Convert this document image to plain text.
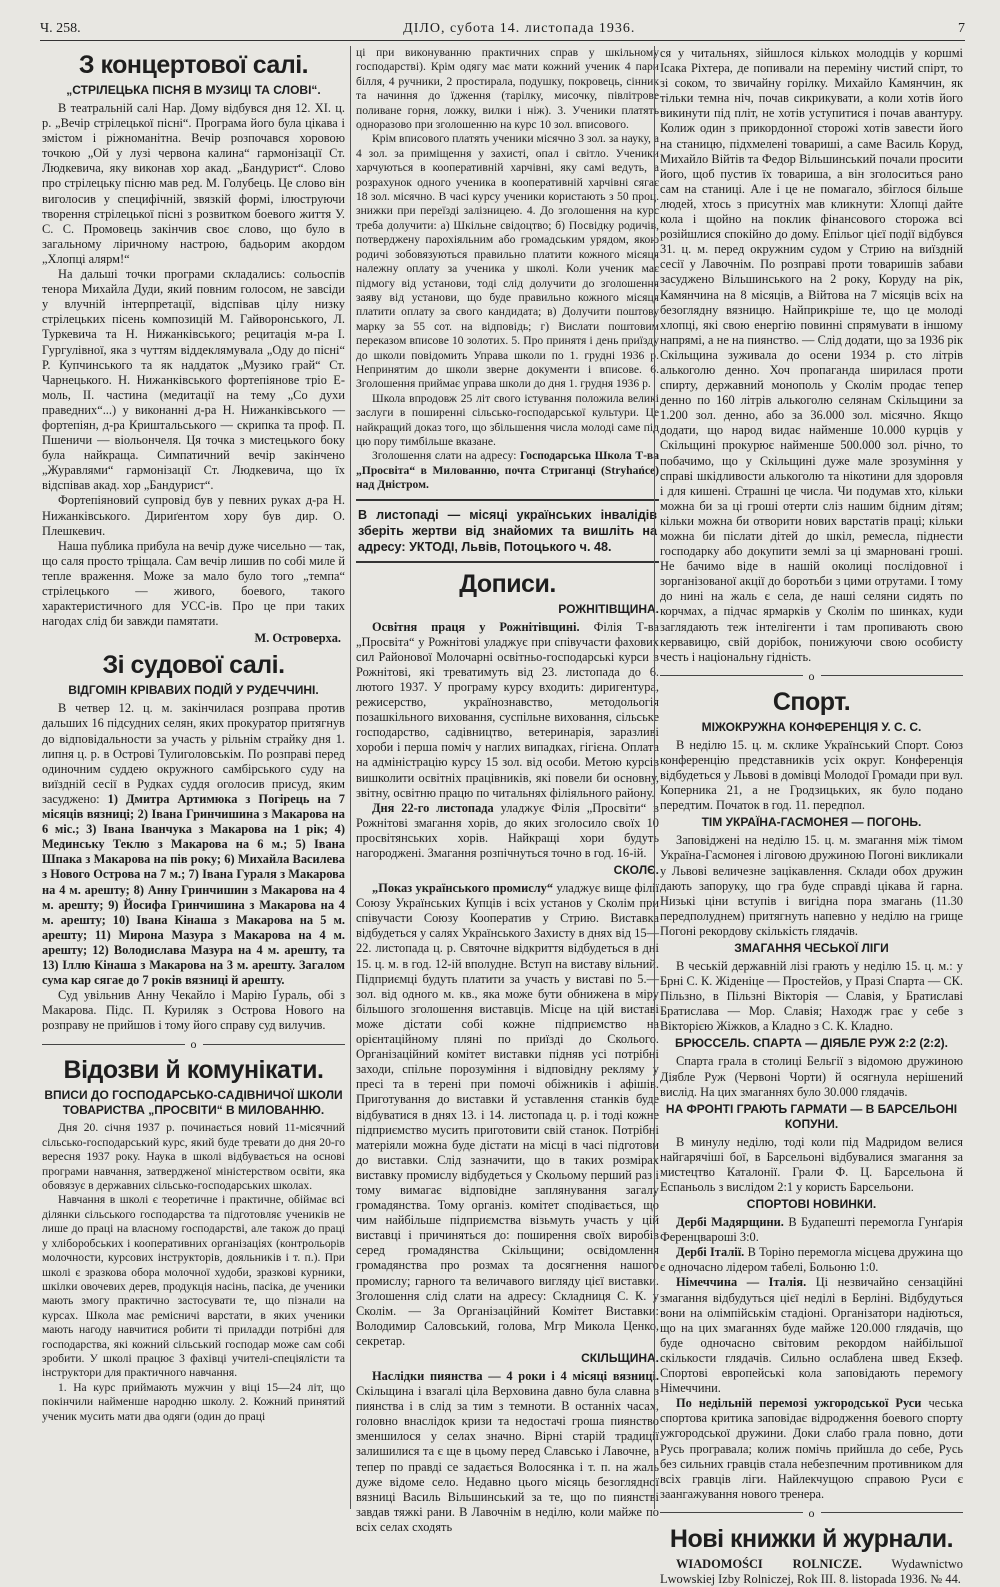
Ч. 258.	ДІЛО, субота 14. листопада 1936.	7
З концертової салі.
„СТРІЛЕЦЬКА ПІСНЯ В МУЗИЦІ ТА СЛОВІ“.
В театральній салі Нар. Дому відбувся дня 12. XI. ц. р. „Вечір стрілецької пісні“. Програма його була цікава і змістом і ріжноманітна. Вечір розпочався хоровою точкою „Ой у лузі червона калина“ гармонізації Ст. Людкевича, яку виконав хор акад. „Бандурист“. Слово про стрілецьку пісню мав ред. М. Голубець. Це слово він виголосив у специфічній, звязкій формі, ілюструючи творення стрілецької пісні з розвитком боевого життя У. С. С. Промовець закінчив своє слово, що було в загальному ліричному настрою, бадьорим акордом „Хлопці алярм!“
На дальші точки програми складались: сольоспів тенора Михайла Дуди, який повним голосом, не завсіди у влучній інтерпретації, відспівав цілу низку стрілецьких пісень композицій М. Гайворонського, Л. Туркевича та Н. Нижанківського; рецитація м-ра І. Гургулівної, яка з чуттям віддеклямувала „Оду до пісні“ Р. Купчинського та як наддаток „Музико грай“ Ст. Чарнецького. Н. Нижанківського фортепіянове тріо Е-моль, II. частина (медитації на тему „Со духи праведних“...) у виконанні д-ра Н. Нижанківського — фортепіян, д-ра Криштальського — скрипка та проф. П. Пшеничи — віольончеля. Ця точка з мистецького боку була найкраща. Симпатичний вечір закінчено „Журавлями“ гармонізації Ст. Людкевича, що їх відспівав акад. хор „Бандурист“.
Фортепіяновий супровід був у певних руках д-ра Н. Нижанківського. Дириґентом хору був дир. О. Плешкевич.
Наша публика прибула на вечір дуже чисельно — так, що саля просто тріщала. Сам вечір лишив по собі миле й тепле враження. Може за мало було того „темпа“ стрілецького — живого, боевого, такого характеристичного для УСС-ів. Про це при таких нагодах слід би завжди памятати.
М. Островерха.
Зі судової салі.
ВІДГОМІН КРІВАВИХ ПОДІЙ У РУДЕЧЧИНІ.
В четвер 12. ц. м. закінчилася розправа против дальших 16 підсудних селян, яких прокуратор притягнув до відповідальности за участь у рільнім страйку дня 1. липня ц. р. в Острові Тулиголовськім. По розправі перед одиночним суддею окружного самбірського суду на виїздній сесії в Рудках суддя оголосив присуд, яким засуджено: 1) Дмитра Артимюка з Погірець на 7 місяців вязниці; 2) Івана Гринчишина з Макарова на 6 міс.; 3) Івана Іванчука з Макарова на 1 рік; 4) Мединську Теклю з Макарова на 6 м.; 5) Івана Шпака з Макарова на пів року; 6) Михайла Василева з Нового Острова на 7 м.; 7) Івана Гураля з Макарова на 4 м. арешту; 8) Анну Гринчишин з Макарова на 4 м. арешту; 9) Йосифа Гринчишина з Макарова на 4 м. арешту; 10) Івана Кінаша з Макарова на 5 м. арешту; 11) Мирона Мазура з Макарова на 4 м. арешту; 12) Володислава Мазура на 4 м. арешту, та 13) Іллю Кінаша з Макарова на 3 м. арешту. Загалом сума кар сягае до 7 років вязниці й арешту.
Суд увільнив Анну Чекайло і Марію Ґураль, обі з Макарова. Підс. П. Куриляк з Острова Нового на розправу не прийшов і тому його справу суд вилучив.
о
Відозви й комунікати.
ВПИСИ ДО ГОСПОДАРСЬКО-САДІВНИЧОЇ ШКОЛИ ТОВАРИСТВА „ПРОСВІТИ“ В МИЛОВАННЮ.
Дня 20. січня 1937 р. починається новий 11-місячний сільсько-господарський курс, який буде тревати до дня 20-го вересня 1937 року. Наука в школі відбувається на основі програми навчання, затвердженої міністерством освіти, яка обовязує в державних сільсько-господарських школах.
Навчання в школі є теоретичне і практичне, обіймає всі ділянки сільського господарства та підготовляє учеників не лише до праці на власному господарстві, але також до праці у хліборобських і кооперативних організаціях (контрольорів молочности, курсових інструкторів, дояльників і т. п.). При школі є зразкова обора молочної худоби, зразкові курники, шкілки овочевих дерев, продукція насінь, пасіка, де ученики мають змогу практично застосувати те, що пізнали на курсах. Школа має ремісничі варстати, в яких ученики мають нагоду навчитися робити ті приладди потрібні для господарства, які кожний сільський господар може сам собі зробити. У школі працює 3 фахівці учителі-спеціялісти та інструктори для практичного навчання.
1. На курс приймають мужчин у віці 15—24 літ, що покінчили найменше народню школу. 2. Кожний принятий ученик мусить мати два одяги (один до праці
ці при виконуванню практичних справ у шкільному господарстві). Крім одягу має мати кожний ученик 4 пари білля, 4 ручники, 2 простирала, подушку, покровець, сінник та начиння до їдження (тарілку, мисочку, півлітрове поливане горня, ложку, вилки і ніж). 3. Ученики платять одноразово при зголошенню на курс 10 зол. вписового.
Крім вписового платять ученики місячно 3 зол. за науку, а 4 зол. за приміщення у захисті, опал і світло. Ученики харчуються в кооперативній харчівні, яку самі ведуть, а розрахунок одного ученика в кооперативній харчівні сягає 18 зол. місячно. В часі курсу ученики користають з 50 проц. знижки при переїзді залізницею. 4. До зголошення на курс треба долучити: а) Шкільне свідоцтво; б) Посвідку родичів, потверджену парохіяльним або громадським урядом, якою родичі зобовязуються правильно платити кожного місяця належну оплату за ученика у школі. Коли ученик має підмогу від установи, тоді слід долучити до зголошення заяву від установи, що буде правильно кожного місяця платити оплату за свого кандидата; в) Долучити поштову марку за 55 сот. на відповідь; г) Вислати поштовим переказом вписове 10 золотих. 5. Про принятя і день приїзду до школи повідомить Управа школи по 1. грудні 1936 р. Непринятим до школи зверне документи і вписове. 6. Зголошення приймає управа школи до дня 1. грудня 1936 р.
Школа впродовж 25 літ свого істування положила великі заслуги в поширенні сільсько-господарської культури. Це найкращий доказ того, що збільшення числа молоді саме під цю пору тимбільше вказане.
Зголошення слати на адресу: Господарська Школа Т-ва „Просвіта“ в Милованню, почта Стриганці (Stryhańce) над Дністром.
В листопаді — місяці українських інвалідів зберіть жертви від знайомих та вишліть на адресу: УКТОДІ, Львів, Потоцького ч. 48.
Дописи.
РОЖНІТІВЩИНА.
Освітня праця у Рожнітівщині. Філія Т-ва „Просвіта“ у Рожнітові уладжує при співучасти фахових сил Районової Молочарні освітньо-господарські курси в Рожнітові, які треватимуть від 23. листопада до 6. лютого 1937. У програму курсу входить: диригентура, режисерство, українознавство, методольогія позашкільного виховання, суспільне виховання, сільське господарство, садівництво, ветеринарія, заразливі хороби і перша поміч у наглих випадках, гігієна. Оплата на адміністрацію курсу 15 зол. від особи. Метою курсів вишколити освітніх працівників, які повели би основну, звітну, освітню працю по читальнях філіяльного району.
Дня 22-го листопада уладжує Філія „Просвіти“ в Рожнітові змагання хорів, до яких зголосило своїх 10 просвітянських хорів. Найкращі хори будуть нагороджені. Змагання розпічнуться точно в год. 16-ій.
СКОЛЄ.
„Показ українського промислу“ уладжує вище філії Союзу Українських Купців і всіх установ у Сколім при співучасти Союзу Кооператив у Стрию. Виставка відбудеться у салях Українського Захисту в днях від 15—22. листопада ц. р. Святочне відкриття відбудеться в дні 15. ц. м. в год. 12-ій вполудне. Вступ на виставу вільний. Підприємці будуть платити за участь у виставі по 5.— зол. від одного м. кв., яка може бути обнижена в міру більшого зголошення виставців. Місце на цій виставі може дістати собі кожне підприємство на орієнтаційному пляні по приїзді до Сколього. Організаційний комітет виставки підняв усі потрібні заходи, спільне порозуміння і відповідну рекляму у пресі та в терені при помочі обіжників і афішів. Приготування до виставки й уставлення станків буде відбуватися в днях 13. і 14. листопада ц. р. і тоді кожне підприємство мусить приготовити свій станок. Потрібні матеріяли можна буде дістати на місці в часі підготови до виставки. Слід зазначити, що в таких розмірах виставку промислу відбудеться у Скольому перший раз і тому вимагає відповідне заплянування загалу громадянства. Тому організ. комітет сподівається, що чим найбільше підприємства візьмуть участь у цій виставці і причиняться до: поширення своїх виробів серед громадянства Скільщини; освідомлення громадянства про розмах та досягнення нашого промислу; гарного та величавого вигляду цієї виставки. Зголошення слід слати на адресу: Складниця С. К. у Сколім. — За Організаційний Комітет Виставки: Володимир Саловський, голова, Мгр Микола Ценко, секретар.
СКІЛЬЩИНА.
Наслідки пиянства — 4 роки і 4 місяці вязниці. Скільщина і взагалі ціла Верховина давно була славна з пиянства і в слід за тим з темноти. В останніх часах, головно внаслідок кризи та недостачі гроша пиянство зменшилося у селах значно. Вірні старій традиції залишилися та є ще в цьому перед Славсько і Лавочне, а тепер по правді се задається Волосянка і т. п. на жаль дуже відоме село. Недавно цього місяць безоглядної вязниці Василь Вільшинський за те, що по пиянстві завдав тяжкі рани. В Лавочнім в неділю, коли майже по всіх селах сходять
ся у читальнях, зійшлося кількох молодців у коршмі Ісака Ріхтера, де попивали на переміну чистий спірт, то зі соком, то звичайну горілку. Михайло Камянчин, як тільки темна ніч, почав сикрикувати, а коли хотів його викинути під пліт, не хотів уступитися і почав авантуру. Колиж один з прикордонної сторожі хотів завести його на станицю, підхмелені товариші, а саме Василь Коруд, Михайло Війтів та Федор Вільшинський почали просити його, щоб пустив їх товариша, а він зголоситься рано сам на станиці. Але і це не помагало, збіглося більше людей, хтось з присутніх мав кликнути: Хлопці дайте кола і щойно на поклик фінансового сторожа всі розійшлися спокійно до дому. Епільог цієї події відбувся 31. ц. м. перед окружним судом у Стрию на виїздній сесії у Лавочнім. По розправі проти товаришів забави засуджено Вільшинського на 2 року, Коруду на рік, Камянчина на 8 місяців, а Війтова на 7 місяців всіх на безоглядну вязницю. Найприкріше те, що це молоді хлопці, які свою енергію повинні спрямувати в іншому напрямі, а не на пиянство. — Слід додати, що за 1936 рік Скільщина зуживала до осени 1934 р. сто літрів алькоголю денно. Хоч пропаганда ширилася проти спирту, державний монополь у Сколім продає тепер денно по 160 літрів алькоголю селянам Скільщини за 1.200 зол. денно, або за 36.000 зол. місячно. Якщо додати, що народ видає найменше 10.000 курців у Скільщині прокурює найменше 500.000 зол. річно, то побачимо, що у Скільщині дуже мале зрозуміння у справі шкідливости алькоголю та нікотини для здоровля і для кишені. Страшні це числа. Чи подумав хто, кільки можна би за ці гроші отерти сліз нашим бідним дітям; кільки можна би отворити нових варстатів праці; кільки можна би післати дітей до шкіл, ремесла, піднести господарку або докупити землі за ці змарновані гроші. Не бачимо віде в нашій околиці послідовної і зорганізованої акції до боротьби з цими отрутами. І тому до нині на жаль є села, де наші селяни сидять по корчмах, а підчас ярмарків у Сколім по шинках, куди заглядають теж інтелігенти і там пропивають свою кервавицю, свій дорібок, понижуючи свою особисту честь і національну гідність.
о
Спорт.
МІЖОКРУЖНА КОНФЕРЕНЦІЯ У. С. С.
В неділю 15. ц. м. склике Український Спорт. Союз конференцію представників усіх округ. Конференція відбудеться у Львові в домівці Молодої Громади при вул. Коперника 21, а не Гродзицьких, як було подано передтим. Початок в год. 11. передпол.
ТІМ УКРАЇНА-ГАСМОНЕЯ — ПОГОНЬ.
Заповіджені на неділю 15. ц. м. змагання між тімом Україна-Гасмонея і ліговою дружиною Погоні викликали у Львові величезне зацікавлення. Склади обох дружин дають запоруку, що гра буде справді цікава й гарна. Низькі ціни вступів і вигідна пора змагань (11.30 передполуднем) притягнуть напевно у неділю на грище Погоні рекордову скількість глядачів.
ЗМАГАННЯ ЧЕСЬКОЇ ЛІГИ
В чеській державній лізі грають у неділю 15. ц. м.: у Брні С. К. Жіденіце — Простейов, у Празі Спарта — СК. Пільзно, в Пільзні Вікторія — Славія, у Братиславі Братислава — Мор. Славія; Находж грає у себе з Вікторією Жіжков, а Кладно з С. К. Кладно.
БРЮССЕЛЬ. СПАРТА — ДІЯБЛЕ РУЖ 2:2 (2:2).
Спарта грала в столиці Бельгії з відомою дружиною Діябле Руж (Червоні Чорти) й осягнула нерішений вислід. На цих змаганнях було 30.000 глядачів.
НА ФРОНТІ ГРАЮТЬ ГАРМАТИ — В БАРСЕЛЬОНІ КОПУНИ.
В минулу неділю, тоді коли під Мадридом велися найгарячіші бої, в Барсельоні відбувалися змагання за мистецтво Каталонії. Грали Ф. Ц. Барсельона й Еспаньоль з вислідом 2:1 у користь Барсельони.
СПОРТОВІ НОВИНКИ.
Дербі Мадярщини. В Будапешті перемогла Гунґарія Ференцвароші 3:0.
Дербі Італії. В Торіно перемогла місцева дружина що є одночасно лідером табелі, Больоню 1:0.
Німеччина — Італія. Ці незвичайно сензаційні змагання відбудуться цієї неділі в Берліні. Відбудуться вони на олімпійськім стадіоні. Організатори надіються, що на цих змаганнях буде майже 120.000 глядачів, що буде одночасно світовим рекордом найбільшої скількости глядачів. Сильно ослаблена швед Екзеф. Спортові европейські кола заповідають перемогу Німеччини.
По недільній перемозі ужгородської Руси чеська спортова критика заповідає відродження боевого спорту ужгородської дружини. Доки слабо грала повно, доти Русь програвала; колиж помічь прийшла до себе, Русь без сильних гравців стала небезпечним противником для всіх гравців ліги. Найлекчущою справою Руси є заангажування нового тренера.
о
Нові книжки й журнали.
WIADOMOŚCI ROLNICZE. Wydawnictwo Lwowskiej Izby Rolniczej, Rok III. 8. listopada 1936. № 44.
